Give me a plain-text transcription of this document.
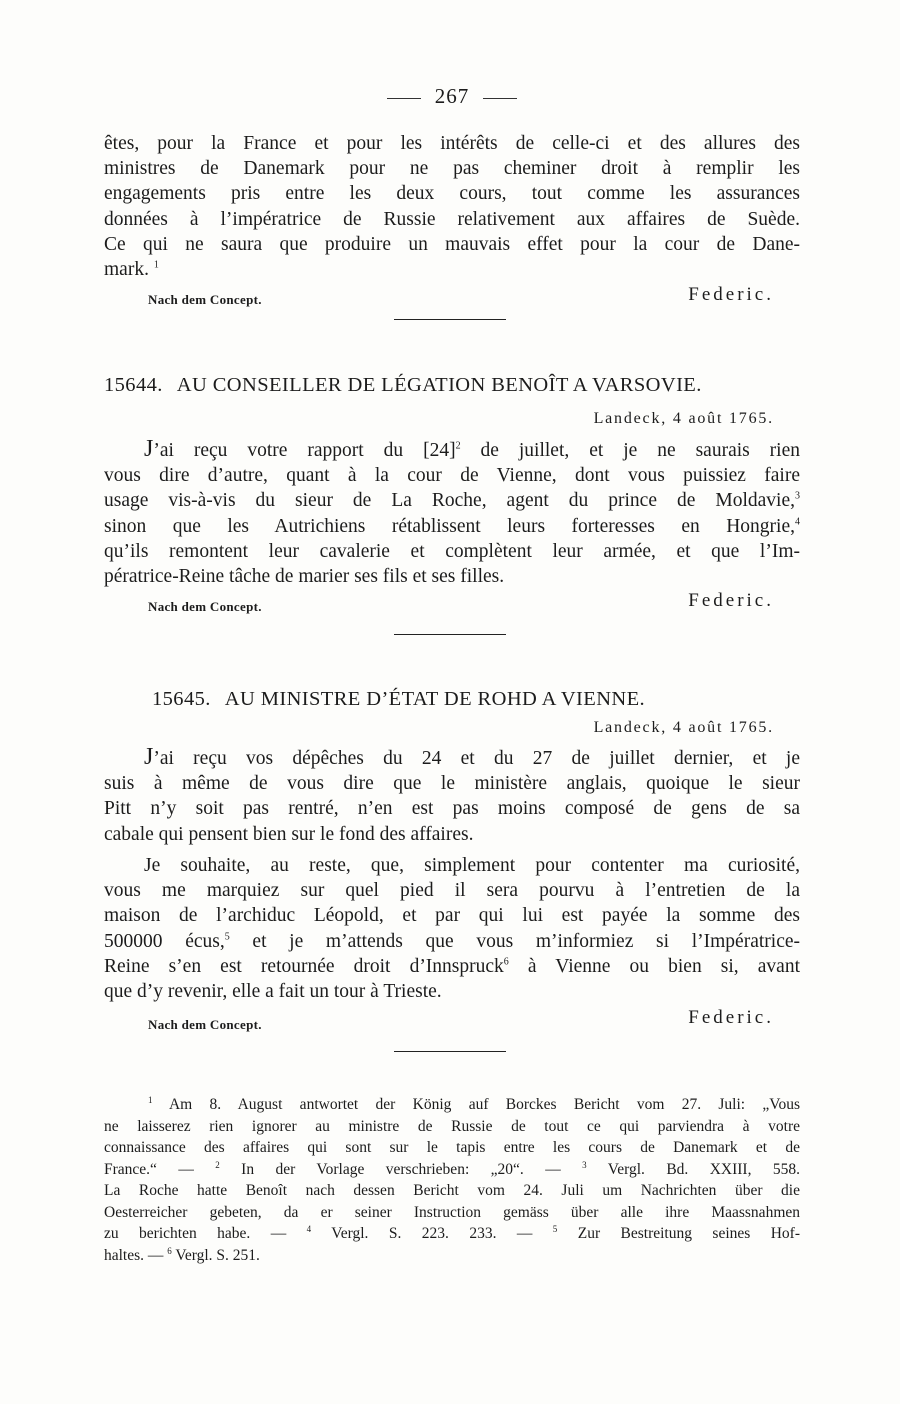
267
êtes, pour la France et pour les intérêts de celle-ci et des allures des
ministres de Danemark pour ne pas cheminer droit à remplir les
engagements pris entre les deux cours, tout comme les assurances
données à l’impératrice de Russie relativement aux affaires de Suède.
Ce qui ne saura que produire un mauvais effet pour la cour de Dane-
mark. $^1$
Nach dem Concept.	Federic.
15644. AU CONSEILLER DE LÉGATION BENOÎT A VARSOVIE.
Landeck, 4 août 1765.
J’ai reçu votre rapport du $[24]^2$ de juillet, et je ne saurais rien
vous dire d’autre, quant à la cour de Vienne, dont vous puissiez faire
usage vis-à-vis du sieur de La Roche, agent du prince de Moldavie,$^3$
sinon que les Autrichiens rétablissent leurs forteresses en Hongrie,$^4$
qu’ils remontent leur cavalerie et complètent leur armée, et que l’Im-
pératrice-Reine tâche de marier ses fils et ses filles.
Nach dem Concept.	Federic.
15645. AU MINISTRE D’ÉTAT DE ROHD A VIENNE.
Landeck, 4 août 1765.
J’ai reçu vos dépêches du 24 et du 27 de juillet dernier, et je
suis à même de vous dire que le ministère anglais, quoique le sieur
Pitt n’y soit pas rentré, n’en est pas moins composé de gens de sa
cabale qui pensent bien sur le fond des affaires.
Je souhaite, au reste, que, simplement pour contenter ma curiosité,
vous me marquiez sur quel pied il sera pourvu à l’entretien de la
maison de l’archiduc Léopold, et par qui lui est payée la somme des
500000 écus,$^5$ et je m’attends que vous m’informiez si l’Impératrice-
Reine s’en est retournée droit d’Innspruck$^6$ à Vienne ou bien si, avant
que d’y revenir, elle a fait un tour à Trieste.
Nach dem Concept.	Federic.
$^1$ Am 8. August antwortet der König auf Borckes Bericht vom 27. Juli: „Vous
ne laisserez rien ignorer au ministre de Russie de tout ce qui parviendra à votre
connaissance des affaires qui sont sur le tapis entre les cours de Danemark et de
France.“ — $^2$ In der Vorlage verschrieben: „20“. — $^3$ Vergl. Bd. XXIII, 558.
La Roche hatte Benoît nach dessen Bericht vom 24. Juli um Nachrichten über die
Oesterreicher gebeten, da er seiner Instruction gemäss über alle ihre Maassnahmen
zu berichten habe. — $^4$ Vergl. S. 223. 233. — $^5$ Zur Bestreitung seines Hof-
haltes. — $^6$ Vergl. S. 251.
